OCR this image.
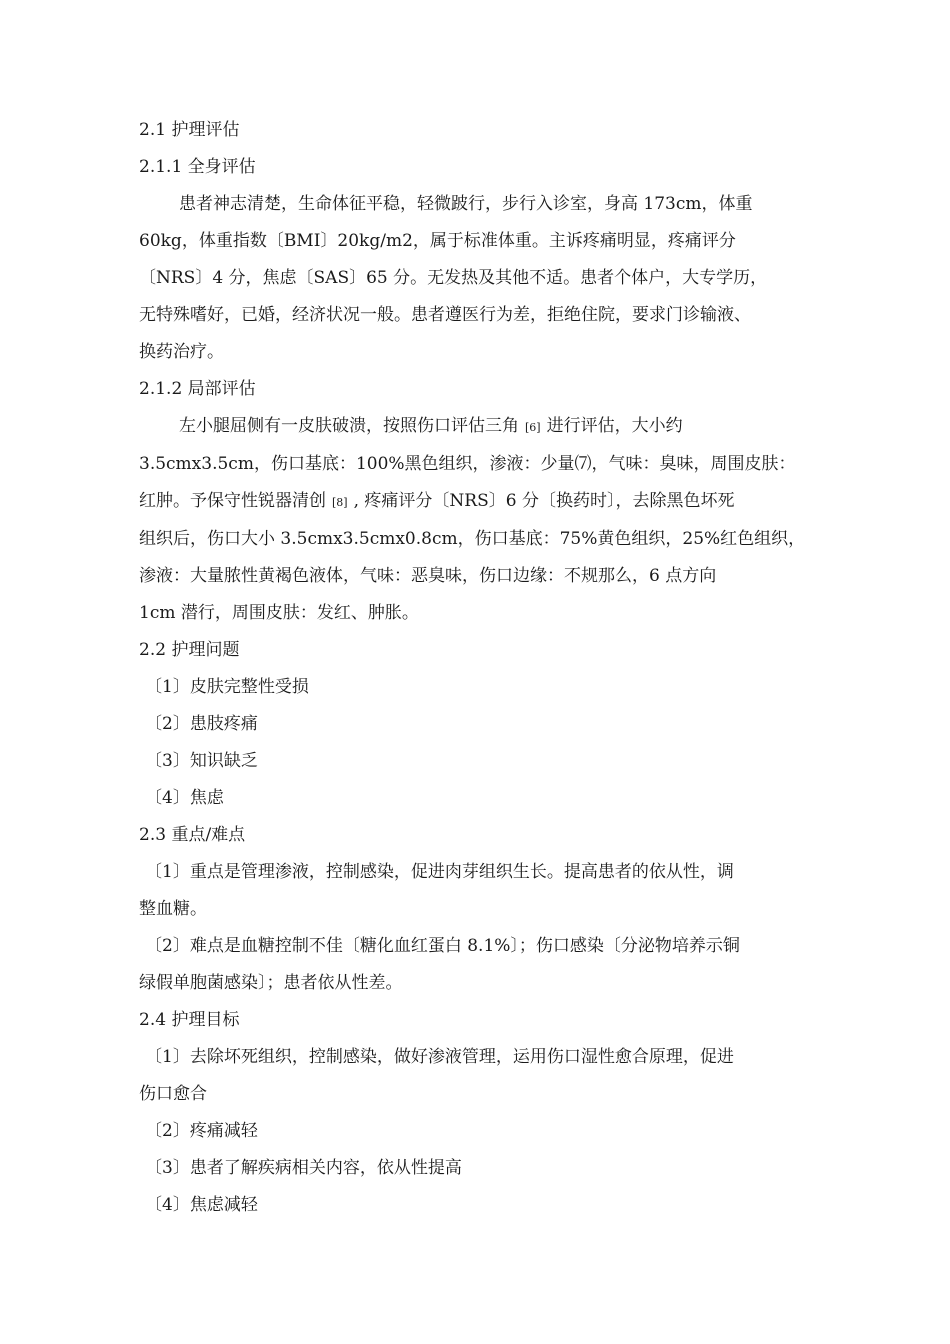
2.1 护理评估
2.1.1 全身评估
患者神志清楚，生命体征平稳，轻微跛行，步行入诊室，身高 173cm，体重
60kg，体重指数〔BMI〕20kg/m2，属于标准体重。主诉疼痛明显，疼痛评分
〔NRS〕4 分，焦虑〔SAS〕65 分。无发热及其他不适。患者个体户，大专学历，
无特殊嗜好，已婚，经济状况一般。患者遵医行为差，拒绝住院，要求门诊输液、
换药治疗。
2.1.2 局部评估
左小腿屈侧有一皮肤破溃，按照伤口评估三角 [6] 进行评估，大小约
3.5cmx3.5cm，伤口基底：100%黑色组织，渗液：少量⑺，气味：臭味，周围皮肤：
红肿。予保守性锐器清创 [8] , 疼痛评分〔NRS〕6 分〔换药时〕，去除黑色坏死
组织后，伤口大小 3.5cmx3.5cmx0.8cm，伤口基底：75%黄色组织，25%红色组织，
渗液：大量脓性黄褐色液体，气味：恶臭味，伤口边缘：不规那么，6 点方向
1cm 潜行，周围皮肤：发红、肿胀。
2.2 护理问题
〔1〕皮肤完整性受损
〔2〕患肢疼痛
〔3〕知识缺乏
〔4〕焦虑
2.3 重点/难点
〔1〕重点是管理渗液，控制感染，促进肉芽组织生长。提高患者的依从性，调
整血糖。
〔2〕难点是血糖控制不佳〔糖化血红蛋白 8.1%〕；伤口感染〔分泌物培养示铜
绿假单胞菌感染〕；患者依从性差。
2.4 护理目标
〔1〕去除坏死组织，控制感染，做好渗液管理，运用伤口湿性愈合原理，促进
伤口愈合
〔2〕疼痛减轻
〔3〕患者了解疾病相关内容，依从性提高
〔4〕焦虑减轻
